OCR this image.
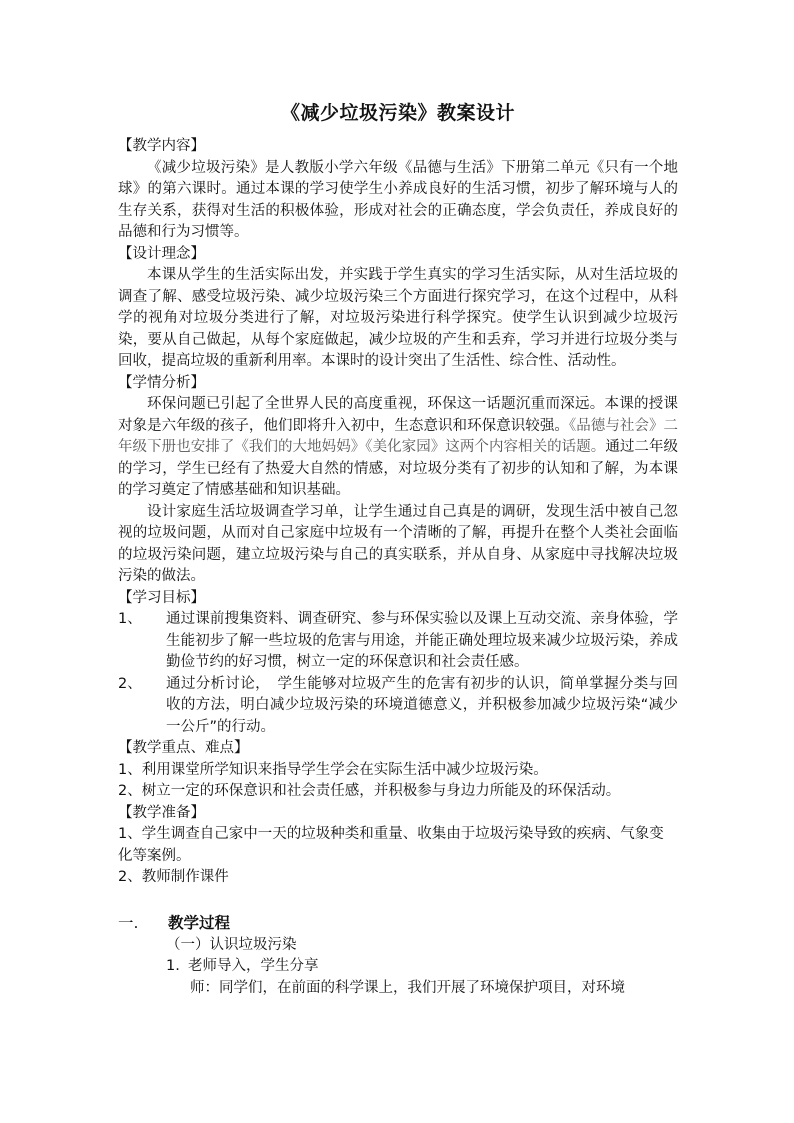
《减少垃圾污染》教案设计

【教学内容】

《减少垃圾污染》是人教版小学六年级《品德与生活》下册第二单元《只有一个地球》的第六课时。通过本课的学习使学生小养成良好的生活习惯，初步了解环境与人的生存关系，获得对生活的积极体验，形成对社会的正确态度，学会负责任，养成良好的品德和行为习惯等。

【设计理念】

本课从学生的生活实际出发，并实践于学生真实的学习生活实际，从对生活垃圾的调查了解、感受垃圾污染、减少垃圾污染三个方面进行探究学习，在这个过程中，从科学的视角对垃圾分类进行了解，对垃圾污染进行科学探究。使学生认识到减少垃圾污染，要从自己做起，从每个家庭做起，减少垃圾的产生和丢弃，学习并进行垃圾分类与回收，提高垃圾的重新利用率。本课时的设计突出了生活性、综合性、活动性。

【学情分析】

环保问题已引起了全世界人民的高度重视，环保这一话题沉重而深远。本课的授课对象是六年级的孩子，他们即将升入初中，生态意识和环保意识较强。《品德与社会》二年级下册也安排了《我们的大地妈妈》《美化家园》这两个内容相关的话题。通过二年级的学习，学生已经有了热爱大自然的情感，对垃圾分类有了初步的认知和了解，为本课的学习奠定了情感基础和知识基础。

设计家庭生活垃圾调查学习单，让学生通过自己真是的调研，发现生活中被自己忽视的垃圾问题，从而对自己家庭中垃圾有一个清晰的了解，再提升在整个人类社会面临的垃圾污染问题，建立垃圾污染与自己的真实联系，并从自身、从家庭中寻找解决垃圾污染的做法。

【学习目标】

1、	通过课前搜集资料、调查研究、参与环保实验以及课上互动交流、亲身体验，学生能初步了解一些垃圾的危害与用途，并能正确处理垃圾来减少垃圾污染，养成勤俭节约的好习惯，树立一定的环保意识和社会责任感。
2、	通过分析讨论，　学生能够对垃圾产生的危害有初步的认识，简单掌握分类与回收的方法，明白减少垃圾污染的环境道德意义，并积极参加减少垃圾污染“减少一公斤”的行动。

【教学重点、难点】

1、利用课堂所学知识来指导学生学会在实际生活中减少垃圾污染。

2、树立一定的环保意识和社会责任感，并积极参与身边力所能及的环保活动。

【教学准备】

1、学生调查自己家中一天的垃圾种类和重量、收集由于垃圾污染导致的疾病、气象变化等案例。

2、教师制作课件

一.	教学过程
（一）认识垃圾污染
1. 老师导入，学生分享
师：同学们，在前面的科学课上，我们开展了环境保护项目，对环境
